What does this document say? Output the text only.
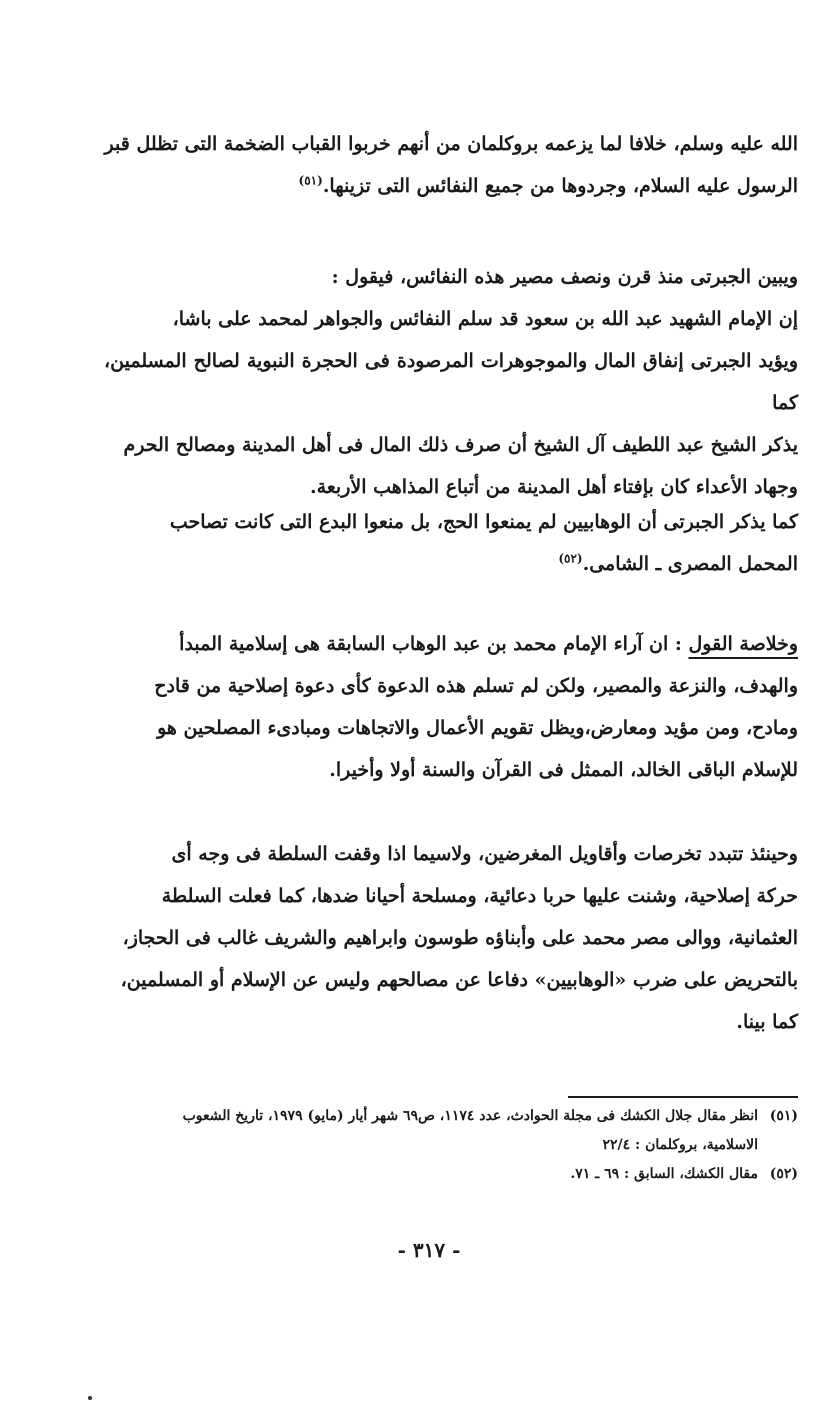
الله عليه وسلم، خلافا لما يزعمه بروكلمان من أنهم خربوا القباب الضخمة التى تظلل قبر

الرسول عليه السلام، وجردوها من جميع النفائس التى تزينها.$^{(٥١)}$

ويبين الجبرتى منذ قرن ونصف مصير هذه النفائس، فيقول :

إن الإمام الشهيد عبد الله بن سعود قد سلم النفائس والجواهر لمحمد على باشا،

ويؤيد الجبرتى إنفاق المال والموجوهرات المرصودة فى الحجرة النبوية لصالح المسلمين، كما

يذكر الشيخ عبد اللطيف آل الشيخ أن صرف ذلك المال فى أهل المدينة ومصالح الحرم

وجهاد الأعداء كان بإفتاء أهل المدينة من أتباع المذاهب الأربعة.

كما يذكر الجبرتى أن الوهابيين لم يمنعوا الحج، بل منعوا البدع التى كانت تصاحب

المحمل المصرى ـ الشامى.$^{(٥٢)}$

وخلاصة القول : ان آراء الإمام محمد بن عبد الوهاب السابقة هى إسلامية المبدأ

والهدف، والنزعة والمصير، ولكن لم تسلم هذه الدعوة كأى دعوة إصلاحية من قادح

ومادح، ومن مؤيد ومعارض،ويظل تقويم الأعمال والاتجاهات ومبادىء المصلحين هو

للإسلام الباقى الخالد، الممثل فى القرآن والسنة أولا وأخيرا.

وحينئذ تتبدد تخرصات وأقاويل المغرضين، ولاسيما اذا وقفت السلطة فى وجه أى

حركة إصلاحية، وشنت عليها حربا دعائية، ومسلحة أحيانا ضدها، كما فعلت السلطة

العثمانية، ووالى مصر محمد على وأبناؤه طوسون وابراهيم والشريف غالب فى الحجاز،

بالتحريض على ضرب «الوهابيين» دفاعا عن مصالحهم وليس عن الإسلام أو المسلمين،

كما بينا.

(٥١)انظر مقال جلال الكشك فى مجلة الحوادث، عدد ١١٧٤، ص٦٩ شهر أيار (مايو) ١٩٧٩، تاريخ الشعوب

الاسلامية، بروكلمان : ٢٢/٤

(٥٢)مقال الكشك، السابق : ٦٩ ـ ٧١.

- ٣١٧ -
